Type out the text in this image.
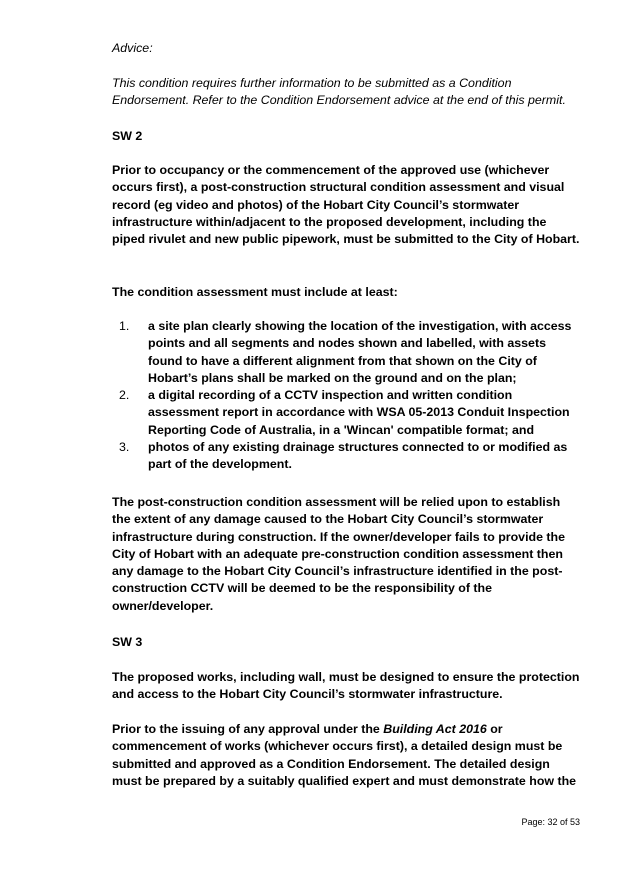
Advice:

This condition requires further information to be submitted as a Condition Endorsement. Refer to the Condition Endorsement advice at the end of this permit.

SW 2

Prior to occupancy or the commencement of the approved use (whichever occurs first), a post-construction structural condition assessment and visual record (eg video and photos) of the Hobart City Council’s stormwater infrastructure within/adjacent to the proposed development, including the piped rivulet and new public pipework, must be submitted to the City of Hobart.

The condition assessment must include at least:

1. a site plan clearly showing the location of the investigation, with access points and all segments and nodes shown and labelled, with assets found to have a different alignment from that shown on the City of Hobart’s plans shall be marked on the ground and on the plan;
2. a digital recording of a CCTV inspection and written condition assessment report in accordance with WSA 05-2013 Conduit Inspection Reporting Code of Australia, in a 'Wincan' compatible format; and
3. photos of any existing drainage structures connected to or modified as part of the development.

The post-construction condition assessment will be relied upon to establish the extent of any damage caused to the Hobart City Council’s stormwater infrastructure during construction. If the owner/developer fails to provide the City of Hobart with an adequate pre-construction condition assessment then any damage to the Hobart City Council’s infrastructure identified in the post-construction CCTV will be deemed to be the responsibility of the owner/developer.

SW 3

The proposed works, including wall, must be designed to ensure the protection and access to the Hobart City Council’s stormwater infrastructure.

Prior to the issuing of any approval under the Building Act 2016 or commencement of works (whichever occurs first), a detailed design must be submitted and approved as a Condition Endorsement. The detailed design must be prepared by a suitably qualified expert and must demonstrate how the

Page: 32 of 53
